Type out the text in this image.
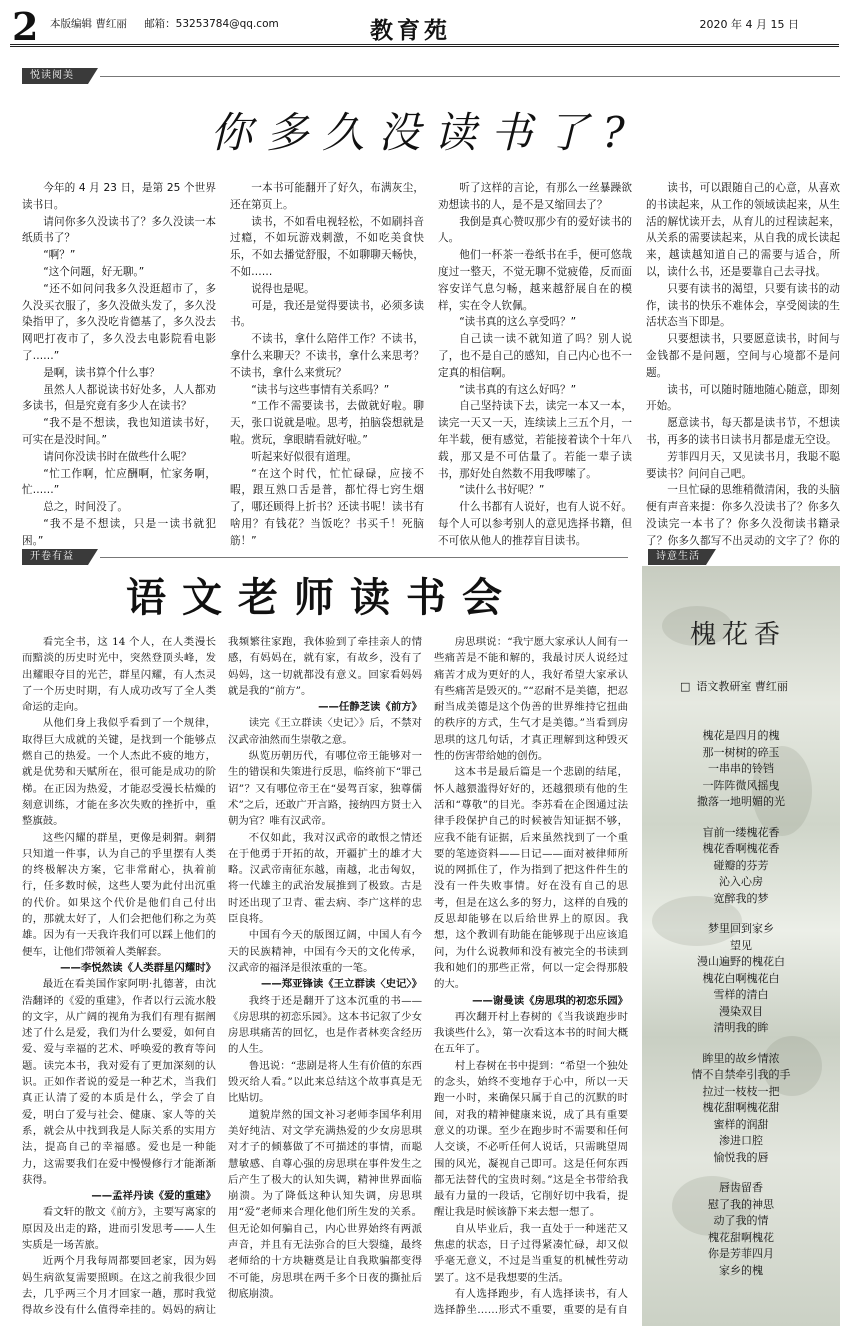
2 本版编辑 曹红丽 邮箱：53253784@qq.com	教育苑	2020 年 4 月 15 日
悦读阅美
你多久没读书了?

今年的 4 月 23 日，是第 25 个世界读书日。

请问你多久没读书了？多久没读一本纸质书了？

“啊？”

“这个问题，好无聊。”

“还不如问问我多久没逛超市了，多久没买衣服了，多久没做头发了，多久没染指甲了，多久没吃肯德基了，多久没去网吧打夜市了，多久没去电影院看电影了……”

是啊，读书算个什么事？

虽然人人都说读书好处多，人人都劝多读书，但是究竟有多少人在读书？

“我不是不想读，我也知道读书好，可实在是没时间。”

请问你没读书时在做些什么呢？

“忙工作啊，忙应酬啊，忙家务啊，忙……”

总之，时间没了。

“我不是不想读，只是一读书就犯困。”

一本书可能翻开了好久，布满灰尘，还在第页上。

读书，不如看电视轻松，不如刷抖音过瘾，不如玩游戏刺激，不如吃美食快乐，不如去播觉舒服，不如聊聊天畅快，不如……

说得也是呢。

可是，我还是觉得要读书，必须多读书。

不读书，拿什么陪伴工作？不读书，拿什么来聊天？不读书，拿什么来思考？不读书，拿什么来赏玩？

“读书与这些事情有关系吗？”

“工作不需要读书，去做就好啦。聊天，张口说就是啦。思考，拍脑袋想就是啦。赏玩，拿眼睛看就好啦。”

听起来好似很有道理。

“在这个时代，忙忙碌碌，应接不暇，跟互熟口舌是普，都忙得七窍生烟了，哪还顾得上折书？还读书呢！读书有啥用？有钱花？当饭吃？书买千！死脑筋！”

听了这样的言论，有那么一丝暴躁欲劝想读书的人，是不是又缩回去了？

我倒是真心赞叹那少有的爱好读书的人。

他们一杯茶一卷纸书在手，便可悠哉度过一整天，不觉无聊不觉疲倦，反而面容安详气息匀畅，越来越舒展自在的模样，实在令人钦佩。

“读书真的这么享受吗？”

自己读一读不就知道了吗？别人说了，也不是自己的感知，自己内心也不一定真的相信啊。

“读书真的有这么好吗？”

自己坚持读下去，读完一本又一本，读完一天又一天，连续读上三五个月，一年半载，便有感觉，若能接着读个十年八载，那又是不可估量了。若能一辈子读书，那好处自然数不用我啰嗦了。

“读什么书好呢？”

什么书都有人说好，也有人说不好。每个人可以参考别人的意见选择书籍，但不可依从他人的推荐盲目读书。

读书，可以跟随自己的心意，从喜欢的书读起来，从工作的领域读起来，从生活的解忧读开去，从育儿的过程读起来，从关系的需要读起来，从自我的成长读起来，越读越知道自己的需要与适合，所以，读什么书，还是要靠自己去寻找。

只要有读书的渴望，只要有读书的动作，读书的快乐不难体会，享受阅读的生活状态当下即是。

只要想读书，只要愿意读书，时间与金钱都不是问题，空间与心境都不是问题。

读书，可以随时随地随心随意，即刻开始。

愿意读书，每天都是读书节，不想读书，再多的读书日读书月都是虚无空设。

芳菲四月天，又见读书月，我聪不聪要读书？问问自己吧。

一旦忙碌的思维稍微清闲，我的头脑便有声音来提：你多久没读书了？你多久没读完一本书了？你多久没彻读书籍录了？你多久都写不出灵动的文字了？你的

开卷有益
语文老师读书会

看完全书，这 14 个人，在人类漫长而黯淡的历史时光中，突然登顶头峰，发出耀眼夺目的光芒，群星闪耀，有人杰灵了一个历史时期，有人成功改写了全人类命运的走向。

从他们身上我似乎看到了一个规律，取得巨大成就的关键，是找到一个能够点燃自己的热爱。一个人杰此不疲的地方，就是优势和天赋所在，很可能是成功的阶梯。在正因为热爱，才能忍受漫长枯燥的刻意训练，才能在多次失败的挫折中，重整旗鼓。

这些闪耀的群星，更像是刺猬。刺猬只知道一件事，认为自己的乎里摆有人类的终极解决方案，它非常耐心，执着前行，任多数时候，这些人要为此付出沉重的代价。如果这个代价是他们自己付出的，那就太好了，人们会把他们称之为英雄。因为有一天我许我们可以踩上他们的便车，让他们带领着人类解套。

——李悦然读《人类群星闪耀时》

最近在看美国作家阿明·扎德著，由沈浩翻译的《爱的重建》，作者以行云流水般的文字，从广阔的视角为我们有理有据阐述了什么是爱，我们为什么要爱，如何自爱、爱与幸福的艺术、呼唤爱的教育等问题。读完本书，我对爱有了更加深刻的认识。正如作者说的爱是一种艺术，当我们真正认清了爱的本质是什么，学会了自爱，明白了爱与社会、健康、家人等的关系，就会从中找到我是人际关系的实用方法，提高自己的幸福感。爱也是一种能力，这需要我们在爱中慢慢修行才能渐渐获得。

——孟祥丹读《爱的重建》

看文轩的散文《前方》，主要写离家的原因及出走的路，进而引发思考——人生实质是一场苦旅。

近两个月我每周都要回老家，因为妈妈生病欲复需要照顾。在这之前我很少回去，几乎两三个月才回家一趟，那时我觉得故乡没有什么值得牵挂的。妈妈的病让我频繁往家跑，我体验到了牵挂亲人的情感，有妈妈在，就有家，有故乡，没有了妈妈，这一切就都没有意义。回家看妈妈就是我的“前方”。

——任静芝读《前方》

读完《王立群读〈史记〉》后，不禁对汉武帝油然而生崇敬之意。

纵览历朝历代，有哪位帝王能够对一生的错误和失策进行反思，临终前下“罪己诏”？又有哪位帝王在“晏驾百家，独尊儒术”之后，还敢广开言路，接纳四方贤士入朝为官？唯有汉武帝。

不仅如此，我对汉武帝的敢恨之情还在于他勇于开拓的故，开疆扩土的雄才大略。汉武帝南征东越，南越，北击匈奴，将一代雄主的武治发展推到了极致。古是时还出现了卫青、霍去病、李广这样的忠臣良将。

中国有今天的版图辽阔，中国人有今天的民族精神，中国有今天的文化传承，汉武帝的福泽是很浓重的一笔。

——郑亚锋读《王立群读〈史记〉》

我终于还是翻开了这本沉重的书——《房思琪的初恋乐园》。这本书记叙了少女房思琪痛苦的回忆，也是作者林奕含经历的人生。

鲁迅说：“悲剧是将人生有价值的东西毁灭给人看。”以此来总结这个故事真是无比贴切。

道貌岸然的国文补习老师李国华利用美好纯洁、对文学充满热爱的少女房思琪对才子的倾慕做了不可描述的事情，而聪慧敏感、自尊心强的房思琪在事件发生之后产生了极大的认知失调，精神世界面临崩溃。为了降低这种认知失调，房思琪用“爱”老师来合理化他们所生发的关系。但无论如何骗自己，内心世界始终有两派声音，并且有无法弥合的巨大裂缝，最终老师给的十方块糖奠是让自我欺骗都变得不可能，房思琪在两千多个日夜的撕扯后彻底崩溃。

房思琪说：“我宁愿大家承认人间有一些痛苦是不能和解的，我最讨厌人说经过痛苦才成为更好的人，我好希望大家承认有些痛苦是毁灭的。”“忍耐不是美德，把忍耐当成美德是这个伪善的世界维持它扭曲的秩序的方式，生气才是美德。”当看到房思琪的这几句话，才真正理解到这种毁灭性的伤害带给她的创伤。

这本书是最后篇是一个悲剧的结尾，怀人越猥滥得好好的，还越猥琐有他的生活和“尊敬”的目光。李苏看在企图通过法律手段保护自己的时候被告知证据不够，应我不能有证据，后来虽然找到了一个重要的笔迹资料——日记——面对被律师所说的网抓住了，作为指到了把这件件生的没有一件失败事情。好在没有自己的思考，但是在这么多的努力，这样的自残的反思却能够在以后给世界上的原因。我想，这个教训有助能在能够现于出应该追问，为什么说教师和没有被完全的书读到我和她们的那些正常，何以一定会得那般的大。

——谢曼读《房思琪的初恋乐园》

再次翻开村上春树的《当我谈跑步时我谈些什么》，第一次看这本书的时间大概在五年了。

村上春树在书中提到：“希望一个独处的念头，始终不变地存于心中，所以一天跑一小时，来确保只属于自己的沉默的时间，对我的精神健康来说，成了具有重要意义的功课。至少在跑步时不需要和任何人交谈，不必听任何人说话，只需眺望周围的风光，凝视自己即可。这是任何东西都无法替代的宝贵时刻。”这是全书带给我最有力量的一段话，它削好切中我看，提醒让我是时候该静下来去想一想了。

自从毕业后，我一直处于一种迷茫又焦虑的状态，日子过得紧凑忙碌，却又似乎毫无意义，不过是当重复的机械性劳动罢了。这不是我想要的生活。

有人选择跑步，有人选择读书，有人选择静坐……形式不重要，重要的是有自

诗意生活
槐花香
□ 语文教研室 曹红丽
槐花是四月的槐
那一树树的碎玉
一串串的铃铛
一阵阵微风摇曳
撒落一地明媚的光
盲前一缕槐花香
槐花香啊槐花香
碰瓣的芬芳
沁入心房
宽醉我的梦
梦里回到家乡
望见
漫山遍野的槐花白
槐花白啊槐花白
雪样的清白
漫染双目
清明我的眸
眸里的故乡情浓
情不自禁牵引我的手
拉过一枝枝一把
槐花甜啊槐花甜
蜜样的润甜
渗进口腔
愉悦我的唇
唇齿留香
慰了我的神思
动了我的情
槐花甜啊槐花
你是芳菲四月
家乡的槐
